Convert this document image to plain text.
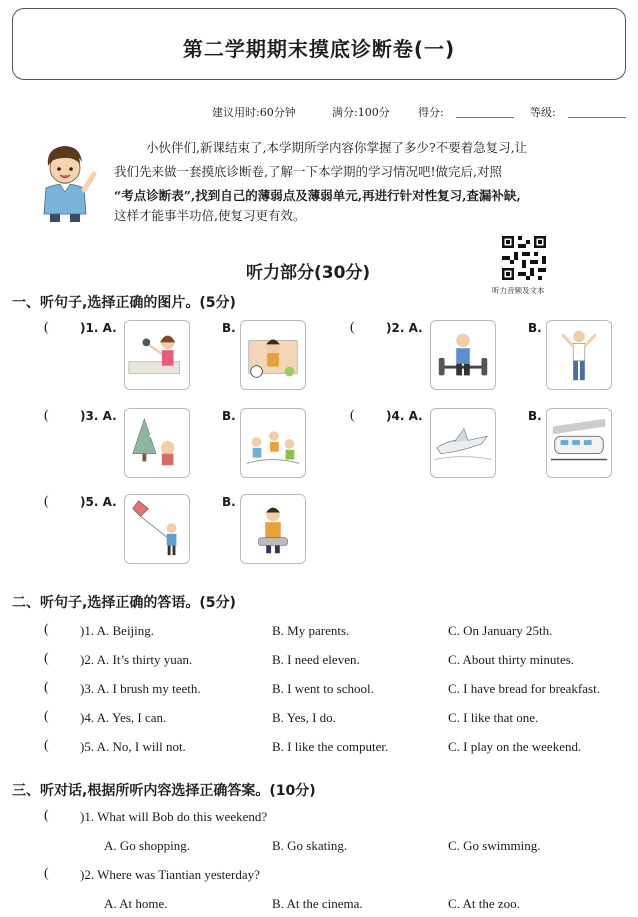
第二学期期末摸底诊断卷(一)
建议用时:60分钟	满分:100分	得分:	等级:
小伙伴们,新课结束了,本学期所学内容你掌握了多少?不要着急复习,让
我们先来做一套摸底诊断卷,了解一下本学期的学习情况吧!做完后,对照
“考点诊断表”,找到自己的薄弱点及薄弱单元,再进行针对性复习,查漏补缺,
这样才能事半功倍,使复习更有效。
听力部分(30分)
听力音频及文本
一、听句子,选择正确的图片。(5分)
(	)1. A.	B.	(	)2. A.	B.
(	)3. A.	B.	(	)4. A.	B.
(	)5. A.	B.
二、听句子,选择正确的答语。(5分)
( )1. A. Beijing.	B. My parents.	C. On January 25th.
( )2. A. It’s thirty yuan.	B. I need eleven.	C. About thirty minutes.
( )3. A. I brush my teeth.	B. I went to school.	C. I have bread for breakfast.
( )4. A. Yes, I can.	B. Yes, I do.	C. I like that one.
( )5. A. No, I will not.	B. I like the computer.	C. I play on the weekend.
三、听对话,根据所听内容选择正确答案。(10分)
( )1. What will Bob do this weekend?
A. Go shopping.	B. Go skating.	C. Go swimming.
( )2. Where was Tiantian yesterday?
A. At home.	B. At the cinema.	C. At the zoo.
